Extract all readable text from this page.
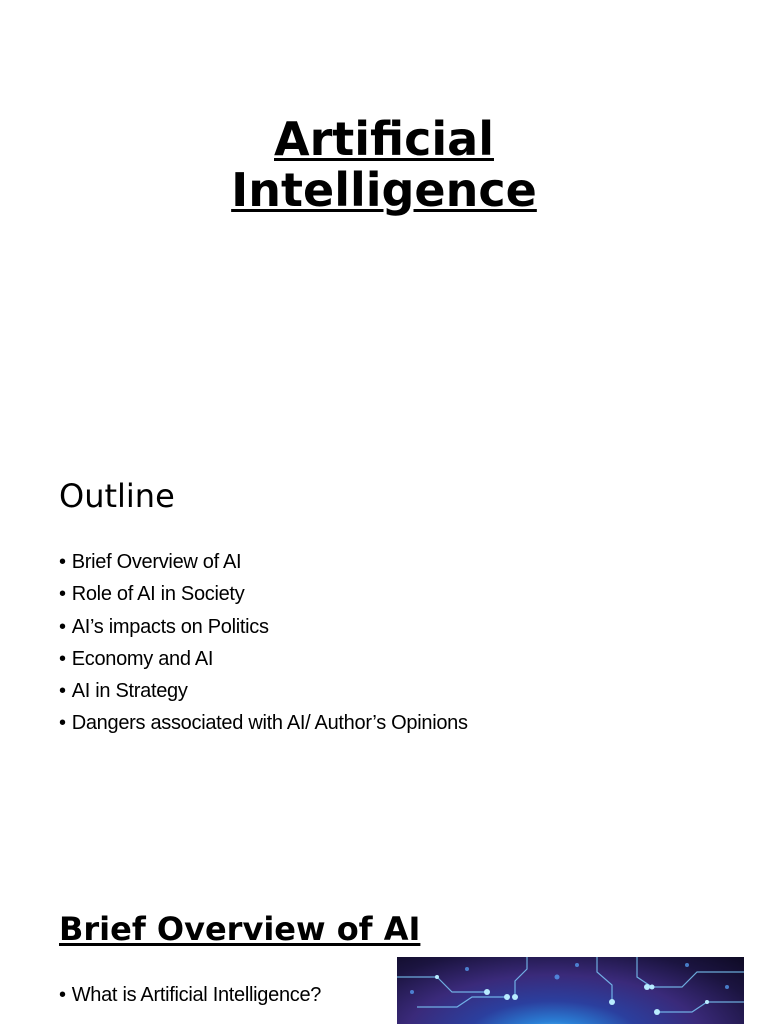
Artificial
Intelligence
Outline
• Brief Overview of AI
• Role of AI in Society
• AI’s impacts on Politics
• Economy and AI
• AI in Strategy
• Dangers associated with AI/ Author’s Opinions
Brief Overview of AI
• What is Artificial Intelligence?
